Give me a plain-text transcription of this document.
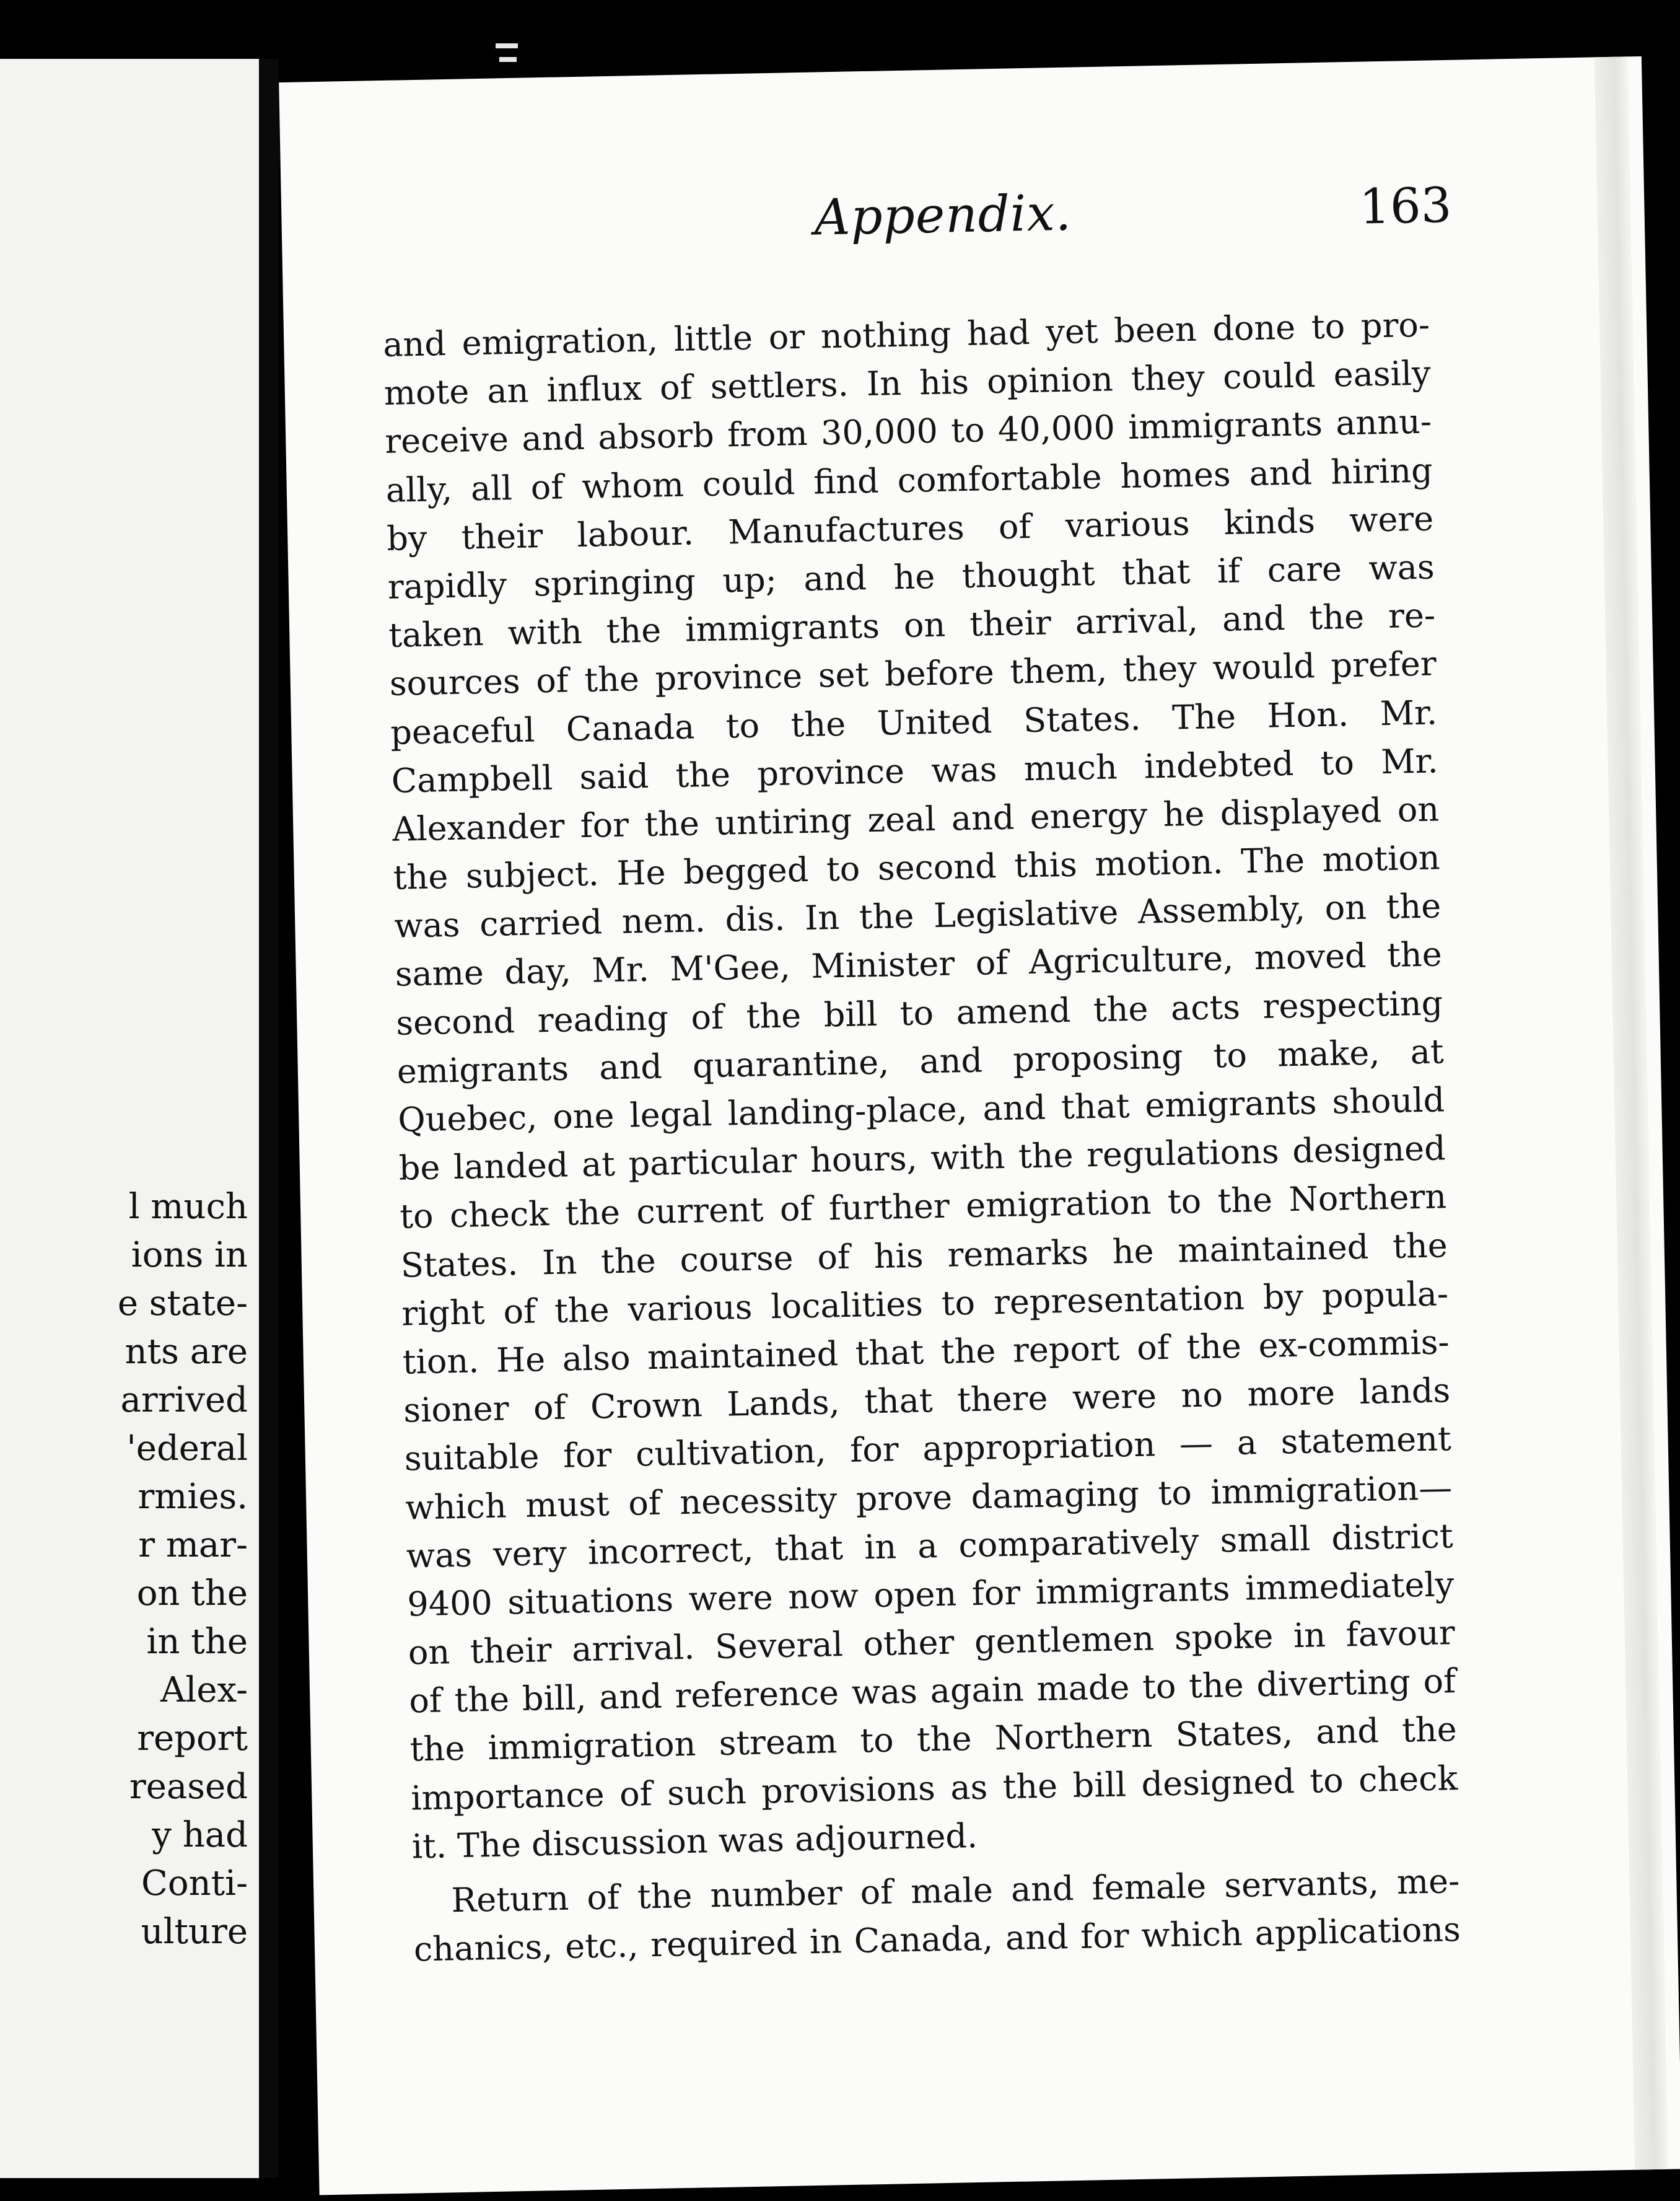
l much
ions in
e state-
nts are
arrived
'ederal
rmies.
r mar-
on the
in the
Alex-
report
reased
y had
Conti-
ulture
Appendix.	163
and emigration, little or nothing had yet been done to pro-
mote an influx of settlers. In his opinion they could easily
receive and absorb from 30,000 to 40,000 immigrants annu-
ally, all of whom could find comfortable homes and hiring
by their labour. Manufactures of various kinds were
rapidly springing up; and he thought that if care was
taken with the immigrants on their arrival, and the re-
sources of the province set before them, they would prefer
peaceful Canada to the United States. The Hon. Mr.
Campbell said the province was much indebted to Mr.
Alexander for the untiring zeal and energy he displayed on
the subject. He begged to second this motion. The motion
was carried nem. dis. In the Legislative Assembly, on the
same day, Mr. M'Gee, Minister of Agriculture, moved the
second reading of the bill to amend the acts respecting
emigrants and quarantine, and proposing to make, at
Quebec, one legal landing-place, and that emigrants should
be landed at particular hours, with the regulations designed
to check the current of further emigration to the Northern
States. In the course of his remarks he maintained the
right of the various localities to representation by popula-
tion. He also maintained that the report of the ex-commis-
sioner of Crown Lands, that there were no more lands
suitable for cultivation, for appropriation — a statement
which must of necessity prove damaging to immigration—
was very incorrect, that in a comparatively small district
9400 situations were now open for immigrants immediately
on their arrival. Several other gentlemen spoke in favour
of the bill, and reference was again made to the diverting of
the immigration stream to the Northern States, and the
importance of such provisions as the bill designed to check
it. The discussion was adjourned.
Return of the number of male and female servants, me-
chanics, etc., required in Canada, and for which applications
